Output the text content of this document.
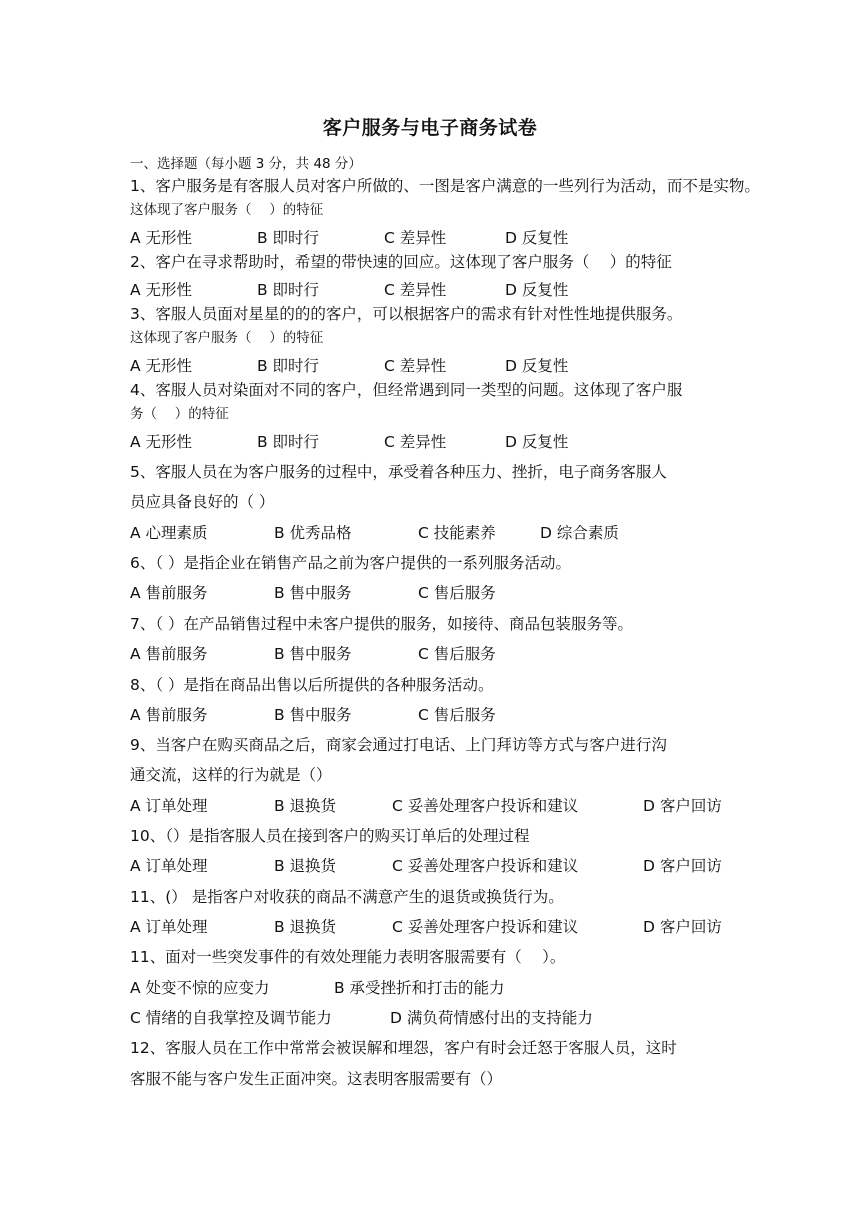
客户服务与电子商务试卷
一、选择题（每小题 3 分，共 48 分）
1、客户服务是有客服人员对客户所做的、一图是客户满意的一些列行为活动，而不是实物。
这体现了客户服务（　 ）的特征
A 无形性	B 即时行	C 差异性	D 反复性
2、客户在寻求帮助时，希望的带快速的回应。这体现了客户服务（　 ）的特征
A 无形性	B 即时行	C 差异性	D 反复性
3、客服人员面对星星的的的客户，可以根据客户的需求有针对性性地提供服务。
这体现了客户服务（　 ）的特征
A 无形性	B 即时行	C 差异性	D 反复性
4、客服人员对染面对不同的客户，但经常遇到同一类型的问题。这体现了客户服
务（　 ）的特征
A 无形性	B 即时行	C 差异性	D 反复性
5、客服人员在为客户服务的过程中，承受着各种压力、挫折，电子商务客服人
员应具备良好的（ ）
A 心理素质	B 优秀品格	C 技能素养	D 综合素质
6、（ ）是指企业在销售产品之前为客户提供的一系列服务活动。
A 售前服务	B 售中服务	C 售后服务
7、（ ）在产品销售过程中未客户提供的服务，如接待、商品包装服务等。
A 售前服务	B 售中服务	C 售后服务
8、（ ）是指在商品出售以后所提供的各种服务活动。
A 售前服务	B 售中服务	C 售后服务
9、当客户在购买商品之后，商家会通过打电话、上门拜访等方式与客户进行沟
通交流，这样的行为就是（）
A 订单处理	B 退换货	C 妥善处理客户投诉和建议	D 客户回访
10、（）是指客服人员在接到客户的购买订单后的处理过程
A 订单处理	B 退换货	C 妥善处理客户投诉和建议	D 客户回访
11、(） 是指客户对收获的商品不满意产生的退货或换货行为。
A 订单处理	B 退换货	C 妥善处理客户投诉和建议	D 客户回访
11、面对一些突发事件的有效处理能力表明客服需要有（　 ）。
A 处变不惊的应变力	B 承受挫折和打击的能力
C 情绪的自我掌控及调节能力	D 满负荷情感付出的支持能力
12、客服人员在工作中常常会被误解和埋怨，客户有时会迁怒于客服人员，这时
客服不能与客户发生正面冲突。这表明客服需要有（）
